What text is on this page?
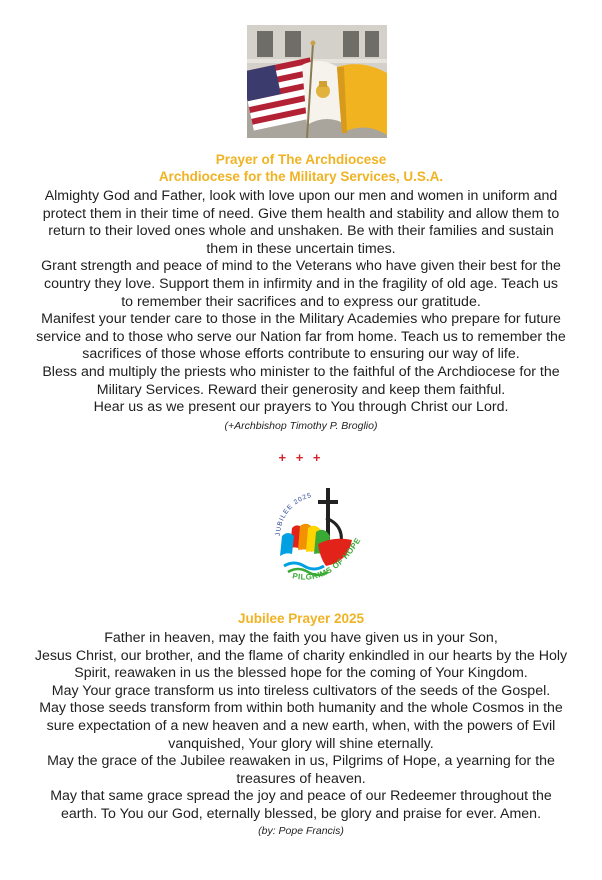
Prayer of The Archdiocese
Archdiocese for the Military Services, U.S.A.
Almighty God and Father, look with love upon our men and women in uniform and
protect them in their time of need. Give them health and stability and allow them to
return to their loved ones whole and unshaken. Be with their families and sustain
them in these uncertain times.
Grant strength and peace of mind to the Veterans who have given their best for the
country they love. Support them in infirmity and in the fragility of old age. Teach us
to remember their sacrifices and to express our gratitude.
Manifest your tender care to those in the Military Academies who prepare for future
service and to those who serve our Nation far from home. Teach us to remember the
sacrifices of those whose efforts contribute to ensuring our way of life.
Bless and multiply the priests who minister to the faithful of the Archdiocese for the
Military Services. Reward their generosity and keep them faithful.
Hear us as we present our prayers to You through Christ our Lord.
(+Archbishop Timothy P. Broglio)
+ + +
JUBILEE 2025
PILGRIMS OF HOPE
Jubilee Prayer 2025
Father in heaven, may the faith you have given us in your Son,
Jesus Christ, our brother, and the flame of charity enkindled in our hearts by the Holy
Spirit, reawaken in us the blessed hope for the coming of Your Kingdom.
May Your grace transform us into tireless cultivators of the seeds of the Gospel.
May those seeds transform from within both humanity and the whole Cosmos in the
sure expectation of a new heaven and a new earth, when, with the powers of Evil
vanquished, Your glory will shine eternally.
May the grace of the Jubilee reawaken in us, Pilgrims of Hope, a yearning for the
treasures of heaven.
May that same grace spread the joy and peace of our Redeemer throughout the
earth. To You our God, eternally blessed, be glory and praise for ever. Amen.
(by: Pope Francis)
